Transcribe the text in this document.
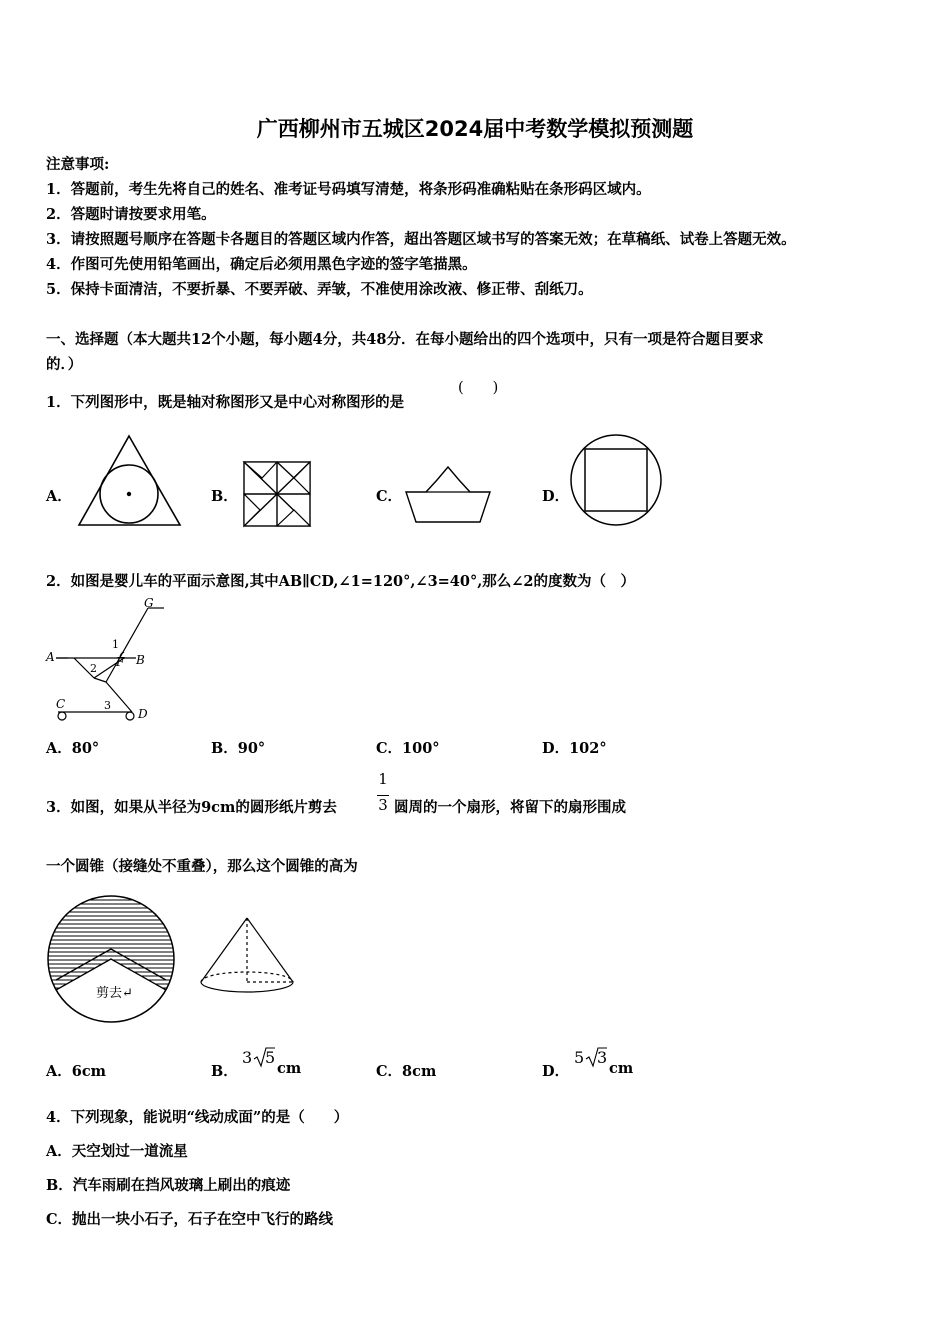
广西柳州市五城区2024届中考数学模拟预测题
注意事项:
1．答题前，考生先将自己的姓名、准考证号码填写清楚，将条形码准确粘贴在条形码区域内。
2．答题时请按要求用笔。
3．请按照题号顺序在答题卡各题目的答题区域内作答，超出答题区域书写的答案无效；在草稿纸、试卷上答题无效。
4．作图可先使用铅笔画出，确定后必须用黑色字迹的签字笔描黑。
5．保持卡面清洁，不要折暴、不要弄破、弄皱，不准使用涂改液、修正带、刮纸刀。
一、选择题（本大题共12个小题，每小题4分，共48分．在每小题给出的四个选项中，只有一项是符合题目要求
的．）
1．下列图形中，既是轴对称图形又是中心对称图形的是
(　　)
A．	B．	C．	D．
2．如图是婴儿车的平面示意图,其中AB∥CD,∠1=120°,∠3=40°,那么∠2的度数为（　）
A	B
C
D
F
G
1
2
3
A．80°	B．90°	C．100°	D．102°
3．如图，如果从半径为9cm的圆形纸片剪去
1
3 圆周的一个扇形，将留下的扇形围成
一个圆锥（接缝处不重叠），那么这个圆锥的高为
剪去↵
A．6cm	B．
3 5
cm	C．8cm	D．
5 3
cm
4．下列现象，能说明“线动成面”的是（　　）
A．天空划过一道流星
B．汽车雨刷在挡风玻璃上刷出的痕迹
C．抛出一块小石子，石子在空中飞行的路线
